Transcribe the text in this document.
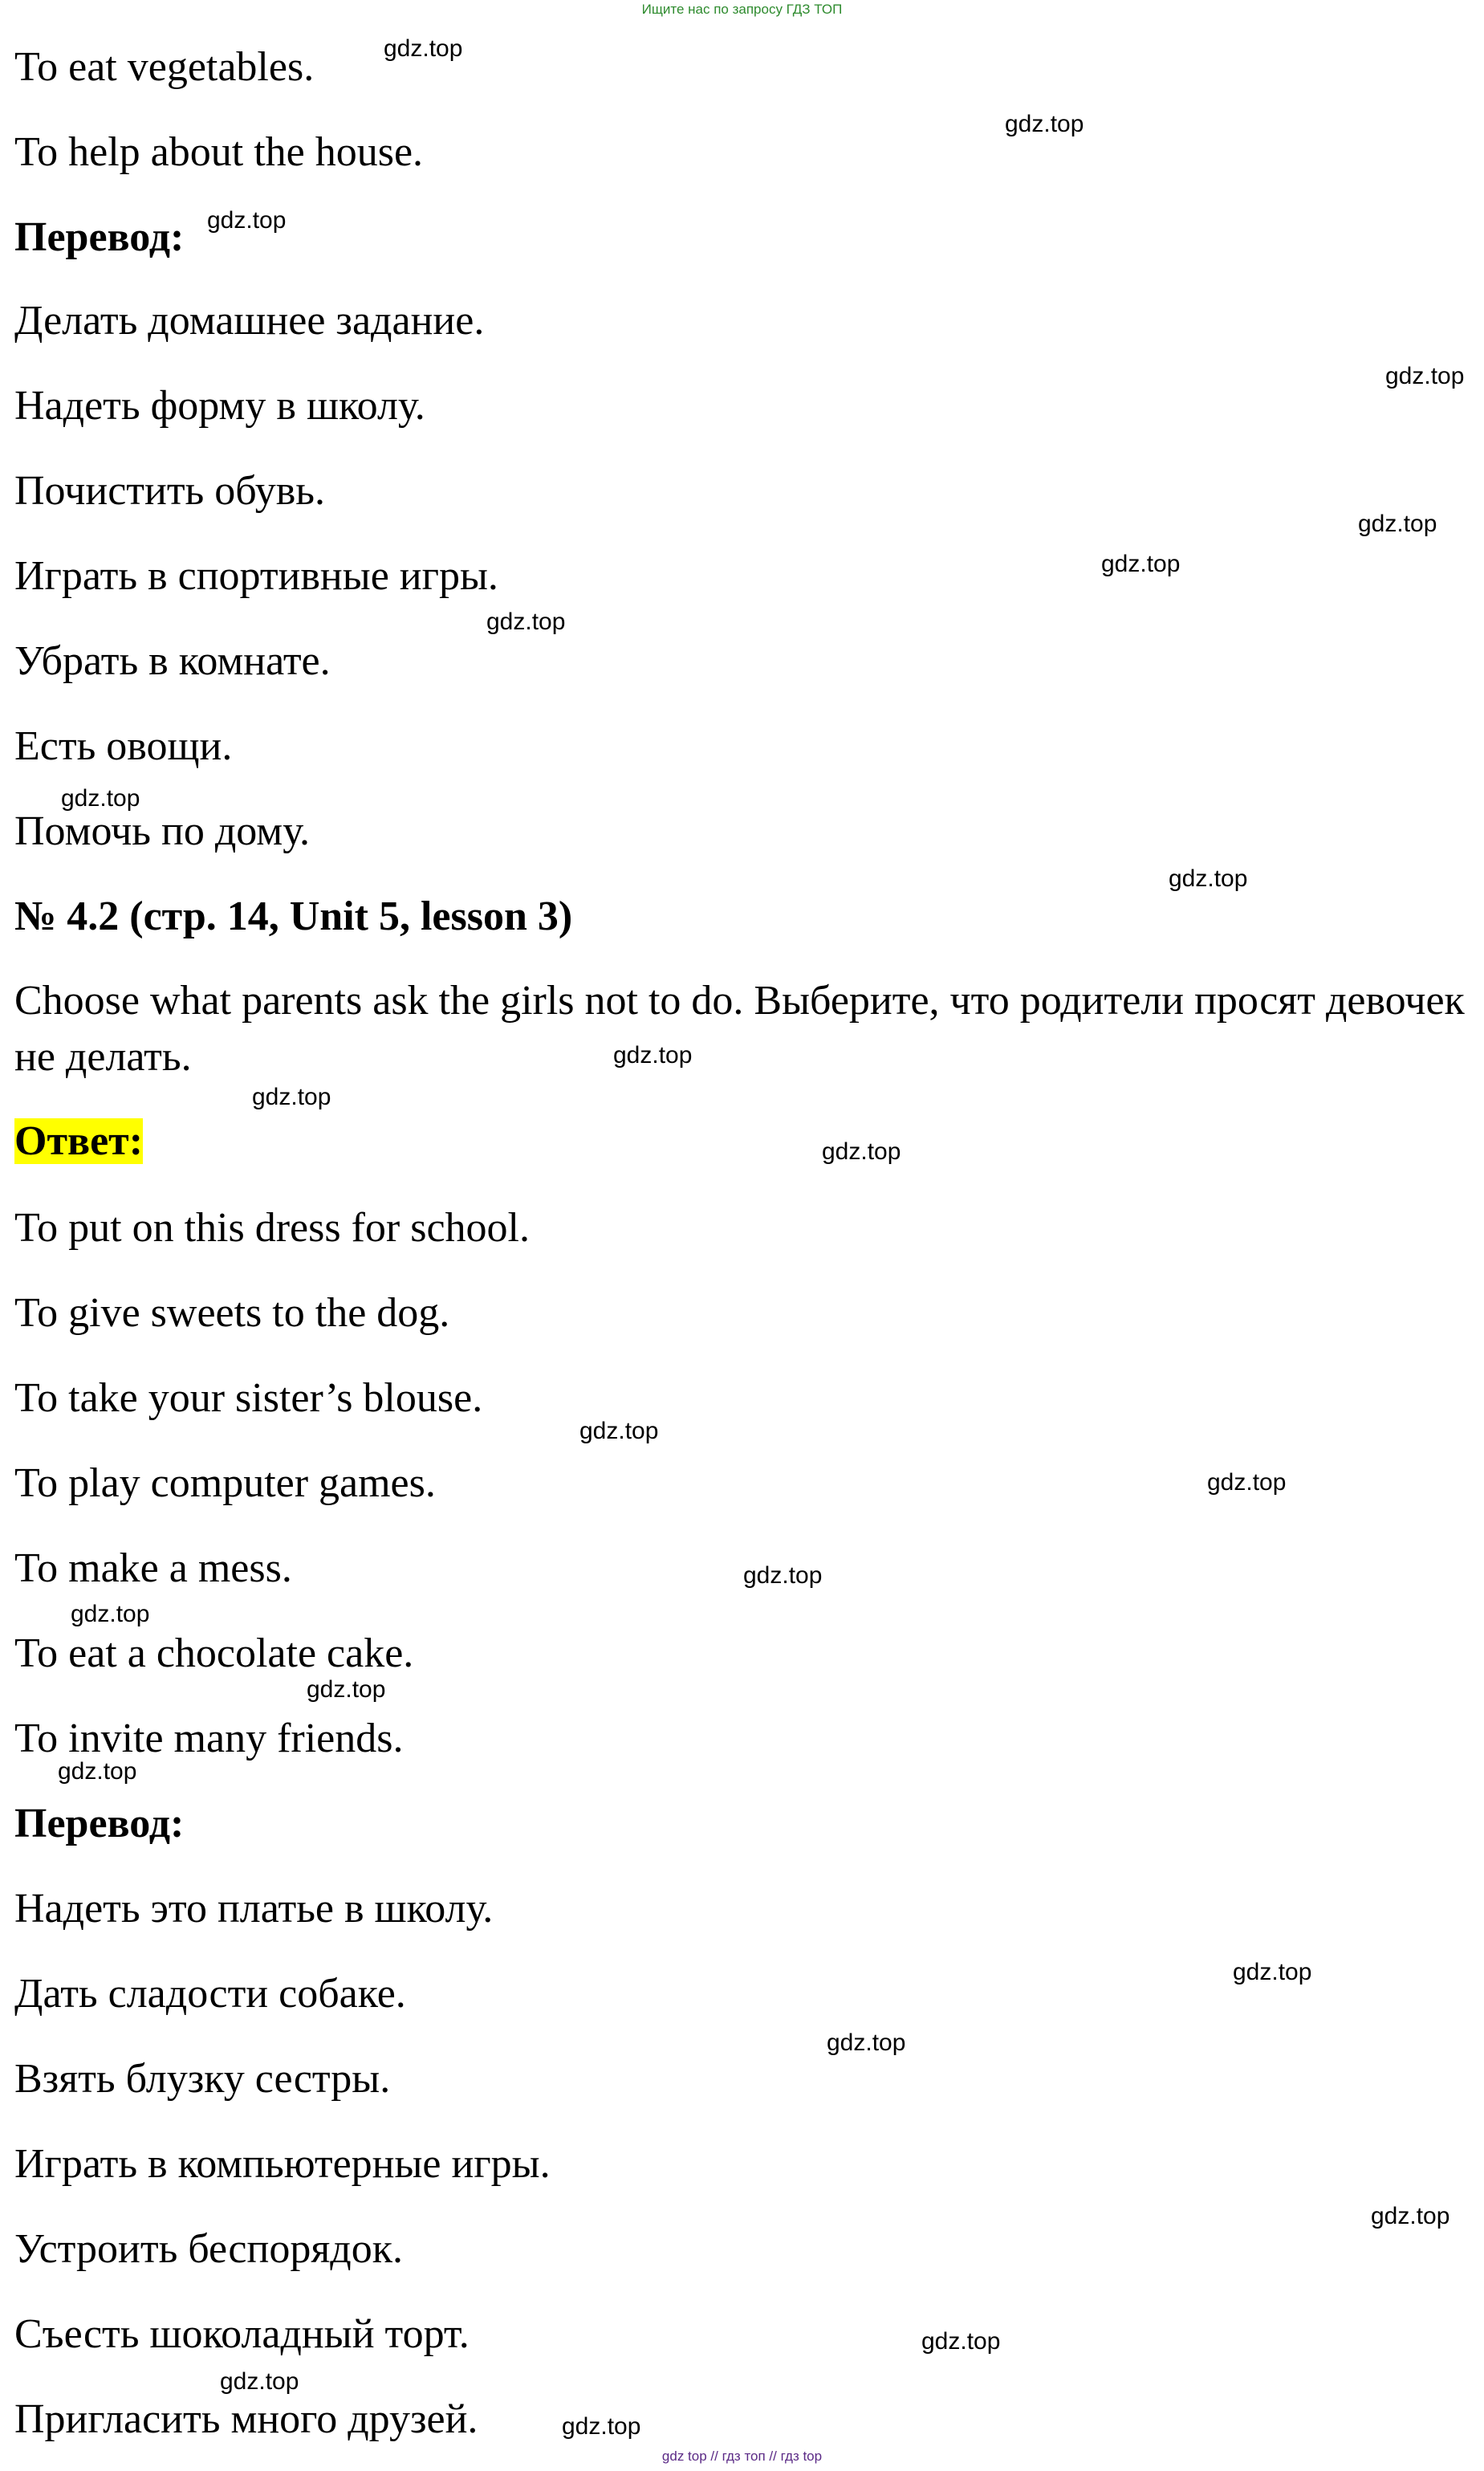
Ищите нас по запросу ГДЗ ТОП
To eat vegetables.
To help about the house.
Перевод:
Делать домашнее задание.
Надеть форму в школу.
Почистить обувь.
Играть в спортивные игры.
Убрать в комнате.
Есть овощи.
Помочь по дому.
№ 4.2 (стр. 14, Unit 5, lesson 3)
Choose what parents ask the girls not to do. Выберите, что родители просят девочек не делать.
Ответ:
To put on this dress for school.
To give sweets to the dog.
To take your sister’s blouse.
To play computer games.
To make a mess.
To eat a chocolate cake.
To invite many friends.
Перевод:
Надеть это платье в школу.
Дать сладости собаке.
Взять блузку сестры.
Играть в компьютерные игры.
Устроить беспорядок.
Съесть шоколадный торт.
Пригласить много друзей.
gdz.top
gdz.top
gdz.top
gdz.top
gdz.top
gdz.top
gdz.top
gdz.top
gdz.top
gdz.top
gdz.top
gdz.top
gdz.top
gdz.top
gdz.top
gdz.top
gdz.top
gdz.top
gdz.top
gdz.top
gdz.top
gdz.top
gdz.top
gdz.top
gdz top // гдз топ // гдз top
